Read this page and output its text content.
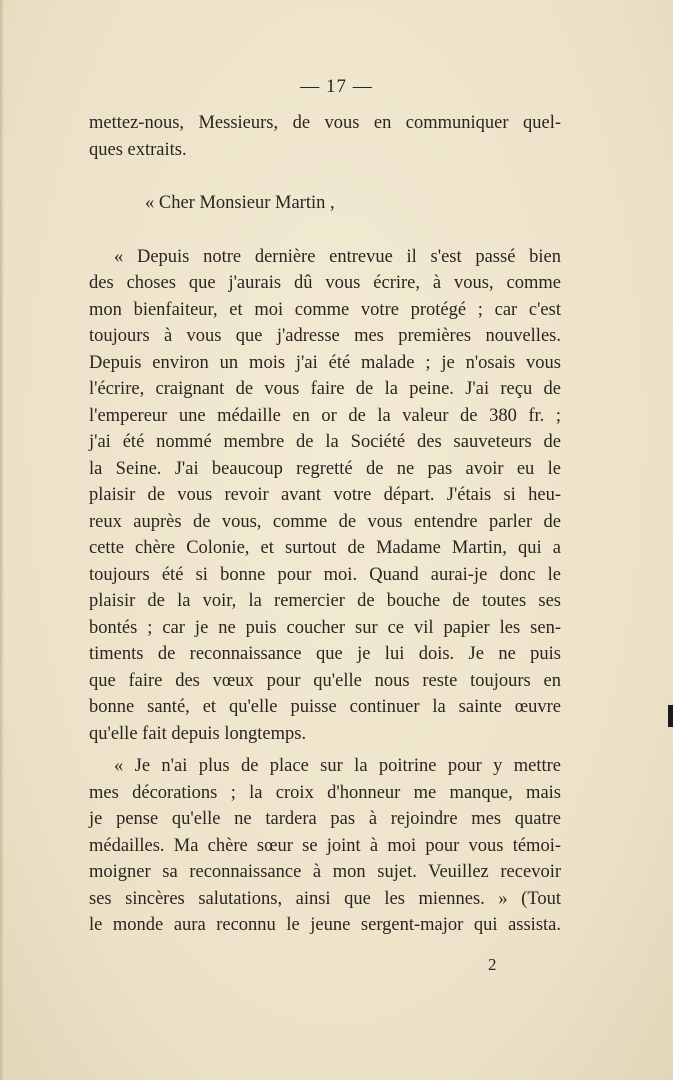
— 17 —
mettez-nous, Messieurs, de vous en communiquer quel-
ques extraits.
« Cher Monsieur Martin ,
« Depuis notre dernière entrevue il s'est passé bien
des choses que j'aurais dû vous écrire, à vous, comme
mon bienfaiteur, et moi comme votre protégé ; car c'est
toujours à vous que j'adresse mes premières nouvelles.
Depuis environ un mois j'ai été malade ; je n'osais vous
l'écrire, craignant de vous faire de la peine. J'ai reçu de
l'empereur une médaille en or de la valeur de 380 fr. ;
j'ai été nommé membre de la Société des sauveteurs de
la Seine. J'ai beaucoup regretté de ne pas avoir eu le
plaisir de vous revoir avant votre départ. J'étais si heu-
reux auprès de vous, comme de vous entendre parler de
cette chère Colonie, et surtout de Madame Martin, qui a
toujours été si bonne pour moi. Quand aurai-je donc le
plaisir de la voir, la remercier de bouche de toutes ses
bontés ; car je ne puis coucher sur ce vil papier les sen-
timents de reconnaissance que je lui dois. Je ne puis
que faire des vœux pour qu'elle nous reste toujours en
bonne santé, et qu'elle puisse continuer la sainte œuvre
qu'elle fait depuis longtemps.
« Je n'ai plus de place sur la poitrine pour y mettre
mes décorations ; la croix d'honneur me manque, mais
je pense qu'elle ne tardera pas à rejoindre mes quatre
médailles. Ma chère sœur se joint à moi pour vous témoi-
moigner sa reconnaissance à mon sujet. Veuillez recevoir
ses sincères salutations, ainsi que les miennes. » (Tout
le monde aura reconnu le jeune sergent-major qui assista.
2
